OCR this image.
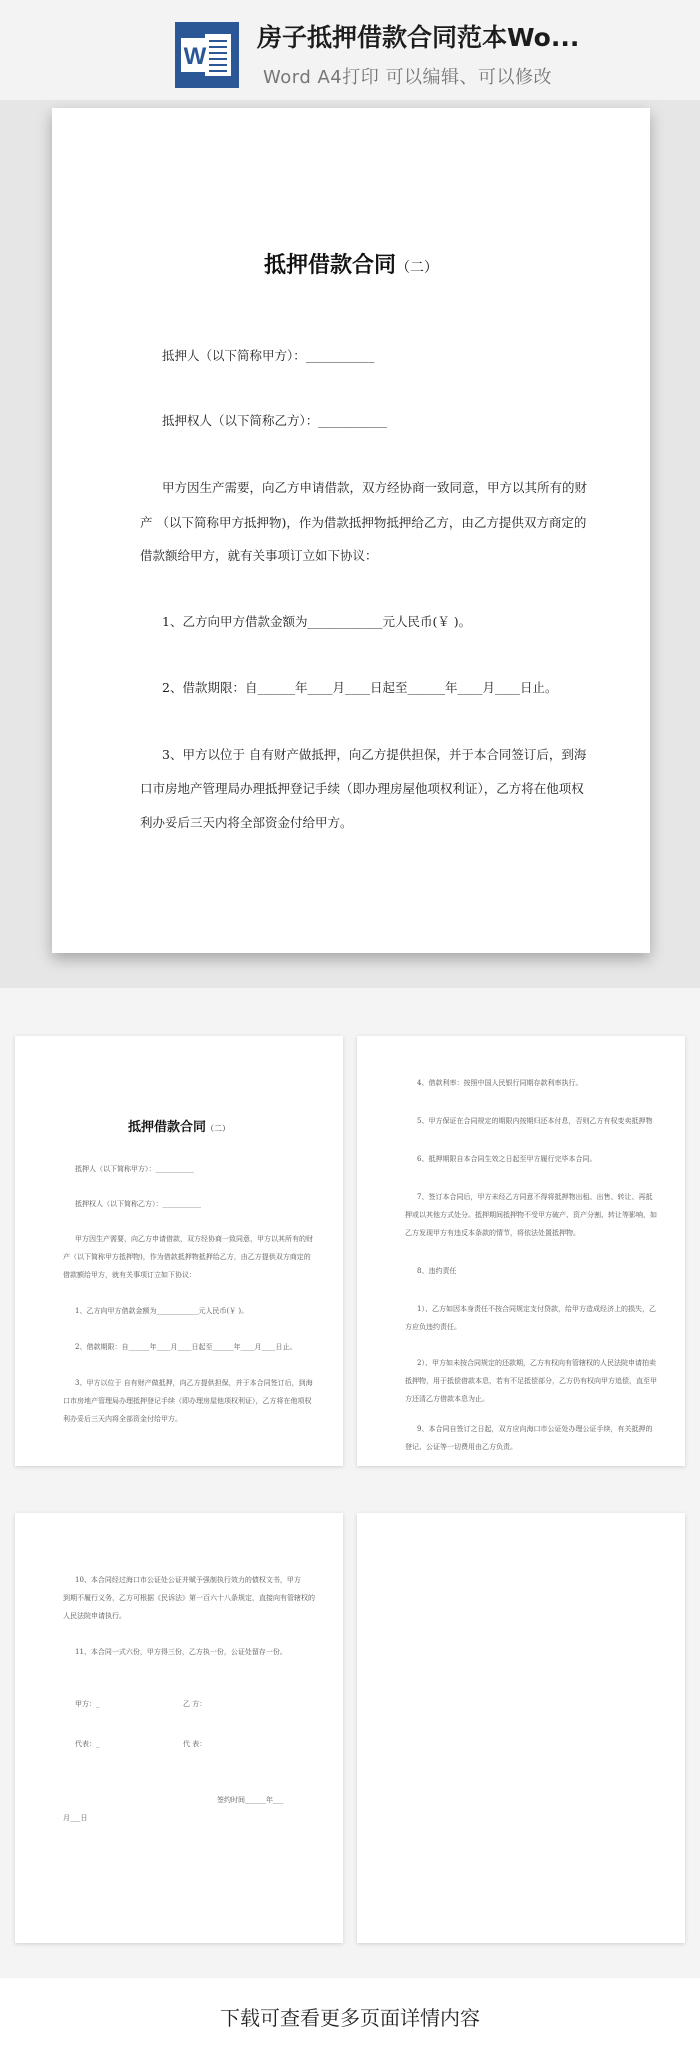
W
房子抵押借款合同范本Wo...
Word A4打印 可以编辑、可以修改
抵押借款合同（二）
抵押人（以下简称甲方）：___________
抵押权人（以下简称乙方）：___________
甲方因生产需要，向乙方申请借款，双方经协商一致同意，甲方以其所有的财
产 （以下简称甲方抵押物)，作为借款抵押物抵押给乙方，由乙方提供双方商定的
借款额给甲方，就有关事项订立如下协议：
1、乙方向甲方借款金额为____________元人民币(￥ )。
2、借款期限：自______年____月____日起至______年____月____日止。
3、甲方以位于 自有财产做抵押，向乙方提供担保，并于本合同签订后，到海
口市房地产管理局办理抵押登记手续（即办理房屋他项权利证），乙方将在他项权
利办妥后三天内将全部资金付给甲方。
抵押借款合同（二）
抵押人（以下简称甲方）：___________
抵押权人（以下简称乙方）：___________
甲方因生产需要，向乙方申请借款，双方经协商一致同意，甲方以其所有的财
产（以下简称甲方抵押物)，作为借款抵押物抵押给乙方，由乙方提供双方商定的
借款额给甲方，就有关事项订立如下协议：
1、乙方向甲方借款金额为____________元人民币(￥ )。
2、借款期限：自______年____月____日起至______年____月____日止。
3、甲方以位于 自有财产做抵押，向乙方提供担保，并于本合同签订后，到海
口市房地产管理局办理抵押登记手续（即办理房屋他项权利证），乙方将在他项权
利办妥后三天内将全部资金付给甲方。
4、借款利率：按照中国人民银行同期存款利率执行。
5、甲方保证在合同规定的期限内按期归还本付息，否则乙方有权变卖抵押物
6、抵押期限自本合同生效之日起至甲方履行完毕本合同。
7、签订本合同后，甲方未经乙方同意不得将抵押物出租、出售、转让、再抵
押或以其他方式处分。抵押期间抵押物不受甲方破产、资产分割、转让等影响，如
乙方发现甲方有违反本条款的情节，将依法处置抵押物。
8、违约责任
1）、乙方如因本身责任不按合同规定支付贷款，给甲方造成经济上的损失，乙
方应负违约责任。
2）、甲方如未按合同规定的还款期，乙方有权向有管辖权的人民法院申请拍卖
抵押物，用于抵偿借款本息，若有不足抵偿部分，乙方仍有权向甲方追偿，直至甲
方还清乙方借款本息为止。
9、本合同自签订之日起，双方应向海口市公证处办理公证手续，有关抵押的
登记、公证等一切费用由乙方负责。
10、本合同经过海口市公证处公证并赋予强制执行效力的债权文书，甲方
到期不履行义务，乙方可根据《民诉法》第一百六十八条规定，直接向有管辖权的
人民法院申请执行。
11、本合同一式六份，甲方得三份，乙方执一份，公证处留存一份。
甲方：_	乙 方：
代表：_	代 表：
签约时间______年___
月___日
下载可查看更多页面详情内容
